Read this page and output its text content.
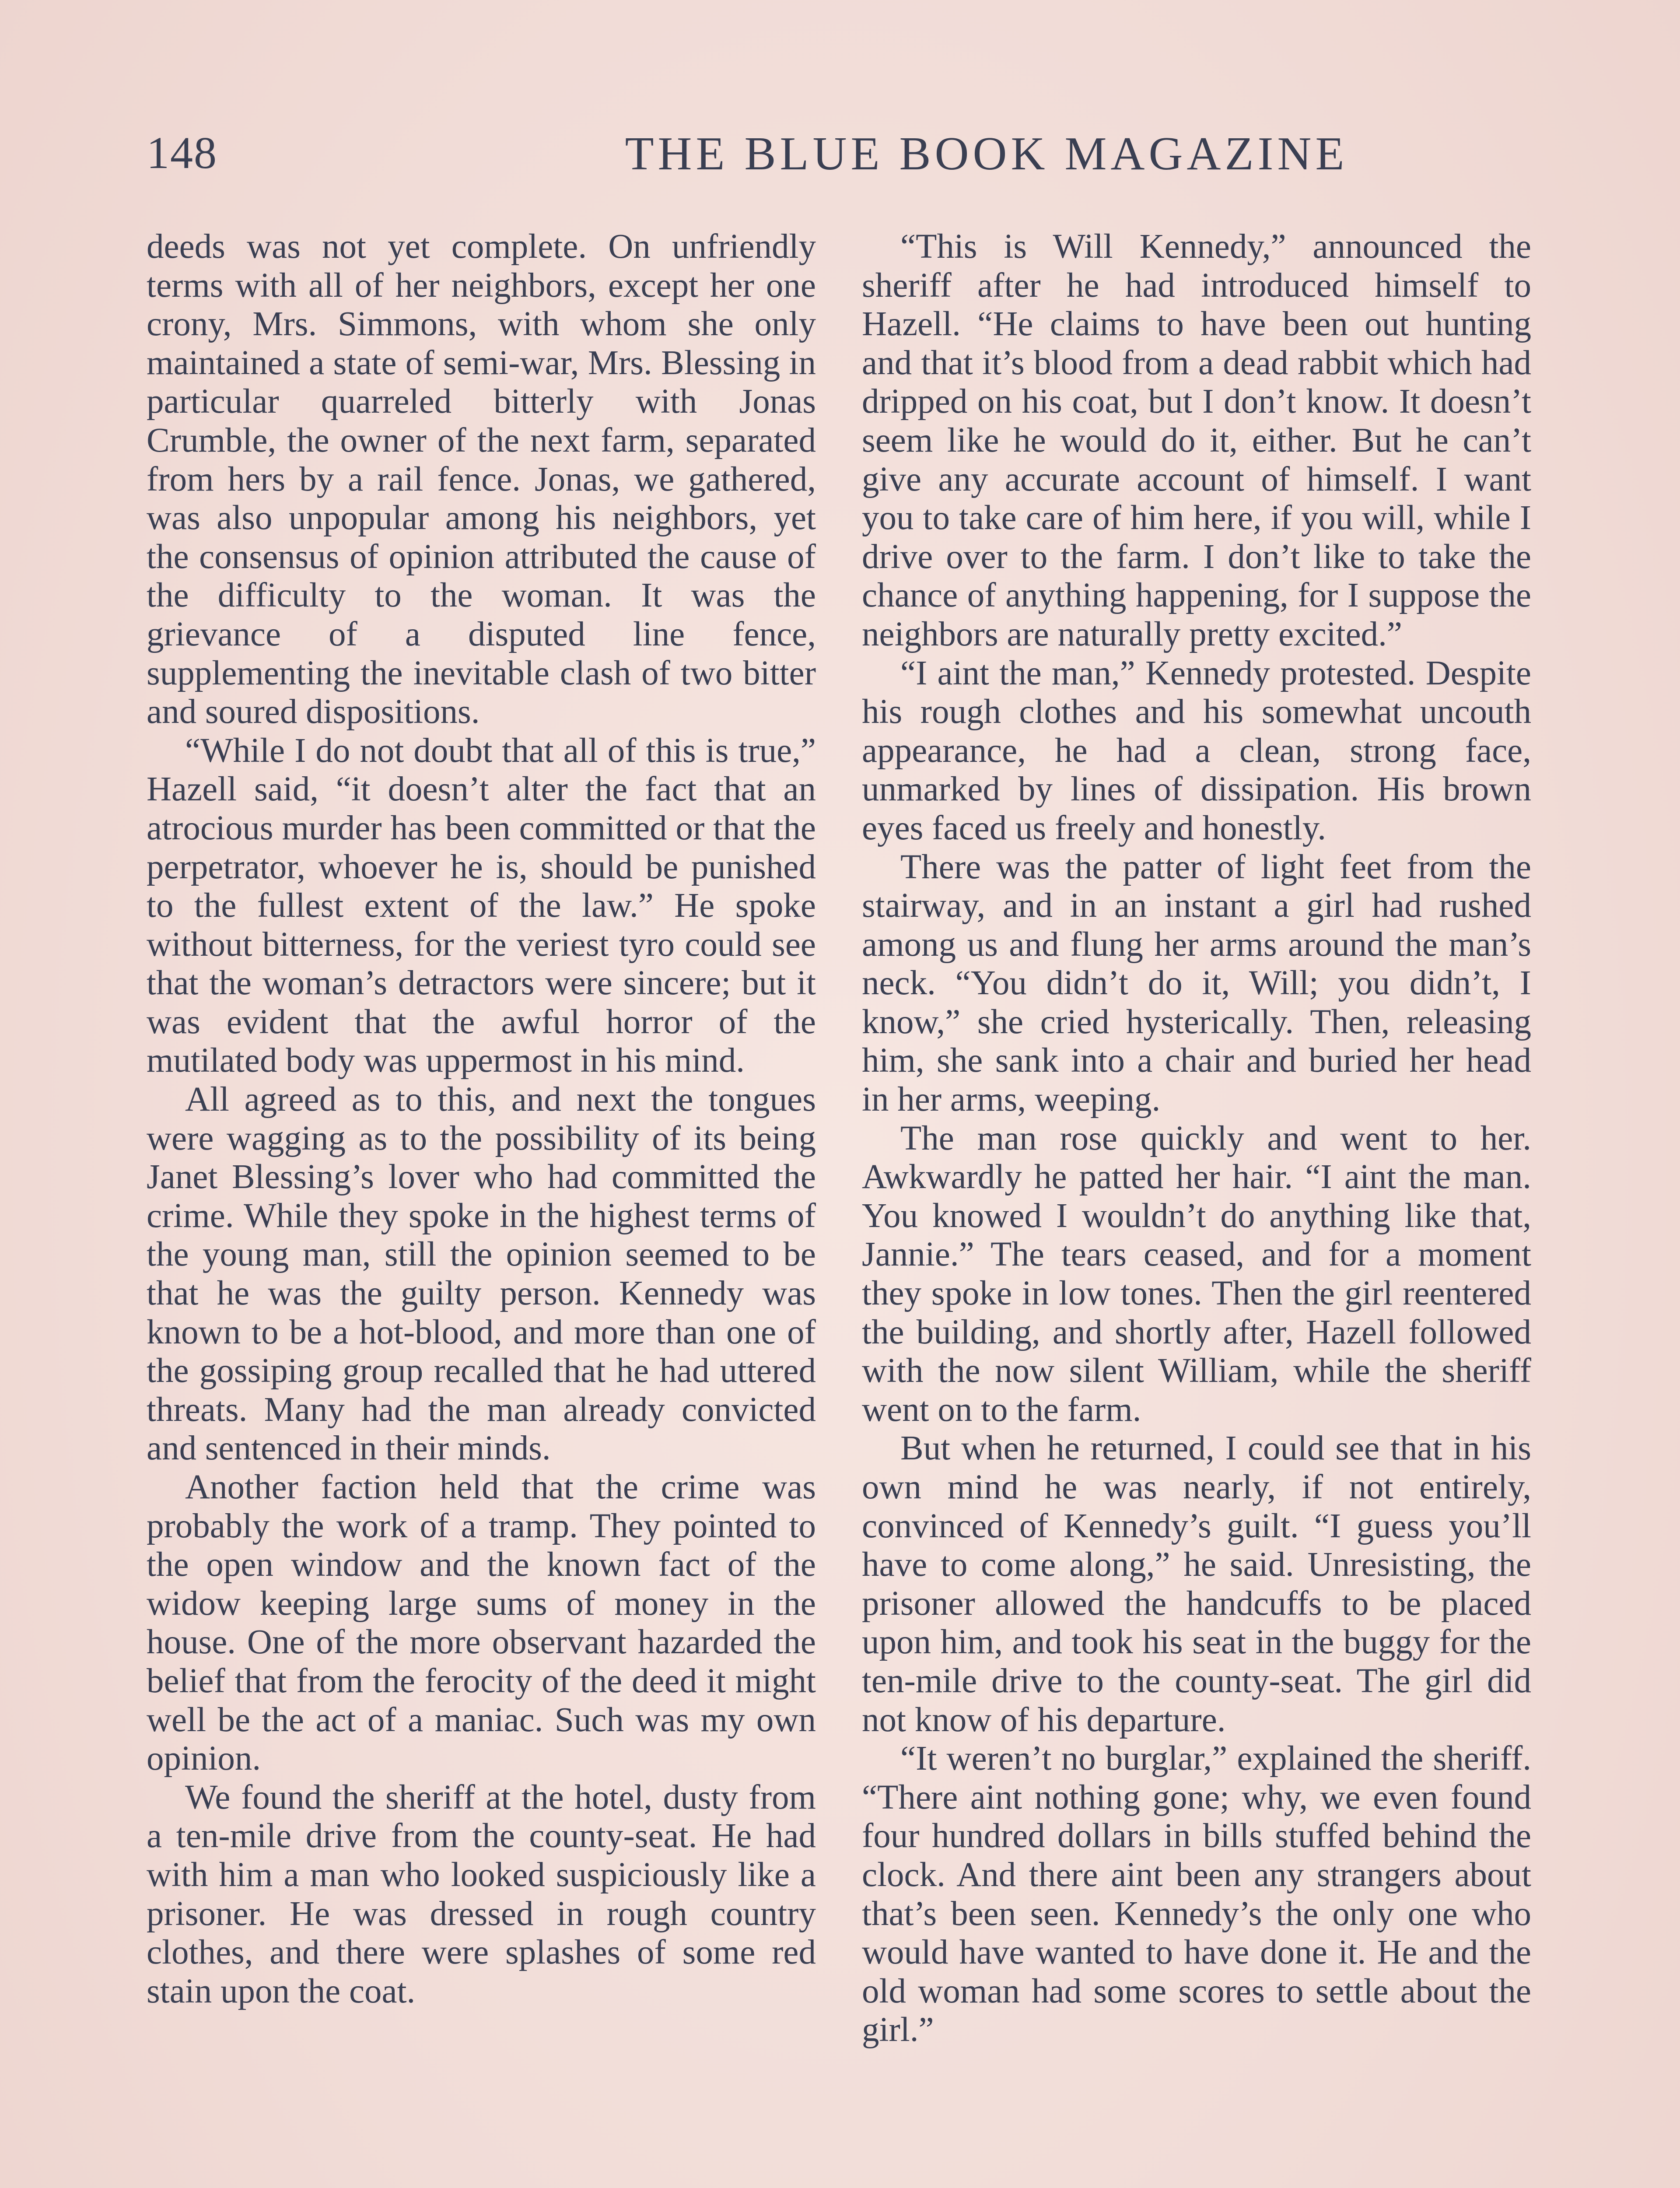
148	THE BLUE BOOK MAGAZINE

deeds was not yet complete. On unfriendly terms with all of her neighbors, except her one crony, Mrs. Simmons, with whom she only maintained a state of semi-war, Mrs. Blessing in particular quarreled bitterly with Jonas Crumble, the owner of the next farm, separated from hers by a rail fence. Jonas, we gathered, was also unpopular among his neighbors, yet the consensus of opinion attributed the cause of the difficulty to the woman. It was the grievance of a disputed line fence, supplementing the inevitable clash of two bitter and soured dispositions.

“While I do not doubt that all of this is true,” Hazell said, “it doesn’t alter the fact that an atrocious murder has been committed or that the perpetrator, whoever he is, should be punished to the fullest extent of the law.” He spoke without bitterness, for the veriest tyro could see that the woman’s detractors were sincere; but it was evident that the awful horror of the mutilated body was uppermost in his mind.

All agreed as to this, and next the tongues were wagging as to the possibility of its being Janet Blessing’s lover who had committed the crime. While they spoke in the highest terms of the young man, still the opinion seemed to be that he was the guilty person. Kennedy was known to be a hot-blood, and more than one of the gossiping group recalled that he had uttered threats. Many had the man already convicted and sentenced in their minds.

Another faction held that the crime was probably the work of a tramp. They pointed to the open window and the known fact of the widow keeping large sums of money in the house. One of the more observant hazarded the belief that from the ferocity of the deed it might well be the act of a maniac. Such was my own opinion.

We found the sheriff at the hotel, dusty from a ten-mile drive from the county-seat. He had with him a man who looked suspiciously like a prisoner. He was dressed in rough country clothes, and there were splashes of some red stain upon the coat.

“This is Will Kennedy,” announced the sheriff after he had introduced himself to Hazell. “He claims to have been out hunting and that it’s blood from a dead rabbit which had dripped on his coat, but I don’t know. It doesn’t seem like he would do it, either. But he can’t give any accurate account of himself. I want you to take care of him here, if you will, while I drive over to the farm. I don’t like to take the chance of anything happening, for I suppose the neighbors are naturally pretty excited.”

“I aint the man,” Kennedy protested. Despite his rough clothes and his somewhat uncouth appearance, he had a clean, strong face, unmarked by lines of dissipation. His brown eyes faced us freely and honestly.

There was the patter of light feet from the stairway, and in an instant a girl had rushed among us and flung her arms around the man’s neck. “You didn’t do it, Will; you didn’t, I know,” she cried hysterically. Then, releasing him, she sank into a chair and buried her head in her arms, weeping.

The man rose quickly and went to her. Awkwardly he patted her hair. “I aint the man. You knowed I wouldn’t do anything like that, Jannie.” The tears ceased, and for a moment they spoke in low tones. Then the girl reentered the building, and shortly after, Hazell followed with the now silent William, while the sheriff went on to the farm.

But when he returned, I could see that in his own mind he was nearly, if not entirely, convinced of Kennedy’s guilt. “I guess you’ll have to come along,” he said. Unresisting, the prisoner allowed the handcuffs to be placed upon him, and took his seat in the buggy for the ten-mile drive to the county-seat. The girl did not know of his departure.

“It weren’t no burglar,” explained the sheriff. “There aint nothing gone; why, we even found four hundred dollars in bills stuffed behind the clock. And there aint been any strangers about that’s been seen. Kennedy’s the only one who would have wanted to have done it. He and the old woman had some scores to settle about the girl.”
